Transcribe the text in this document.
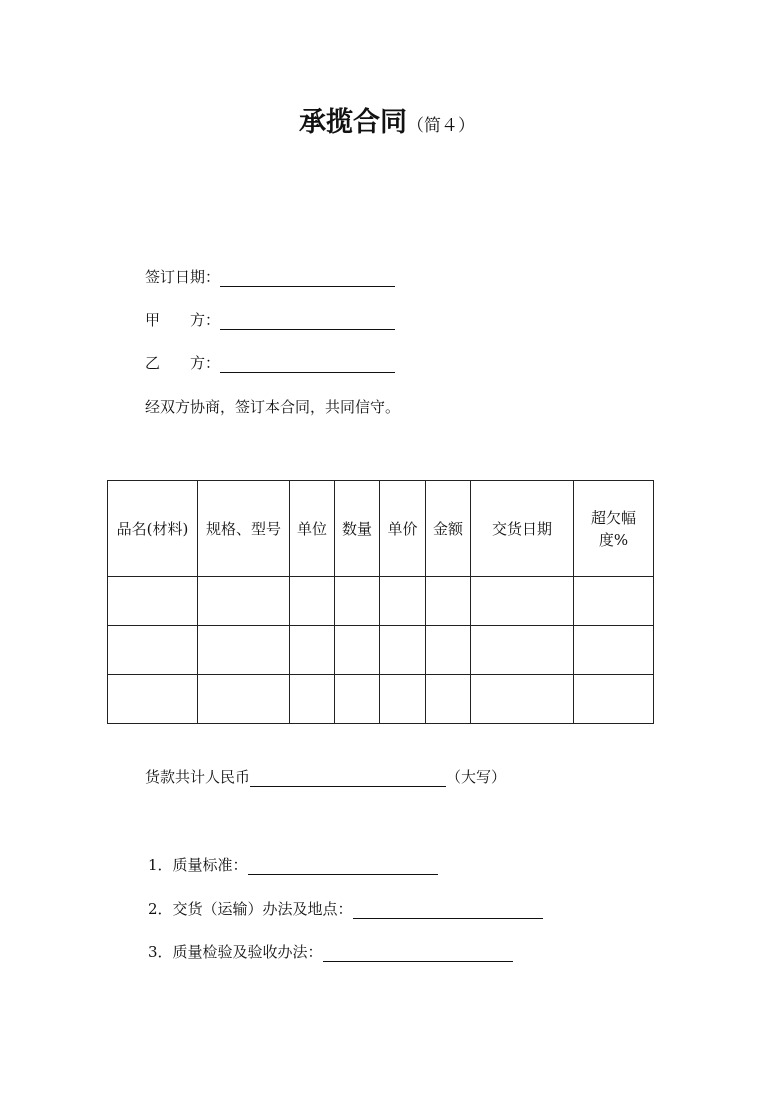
承揽合同（简４）
签订日期：
甲　　方：
乙　　方：
经双方协商，签订本合同，共同信守。
品名(材料)	规格、型号	单位	数量	单价	金额	交货日期	超欠幅度%

货款共计人民币	（大写）
1．质量标准：
2．交货（运输）办法及地点：
3．质量检验及验收办法：
